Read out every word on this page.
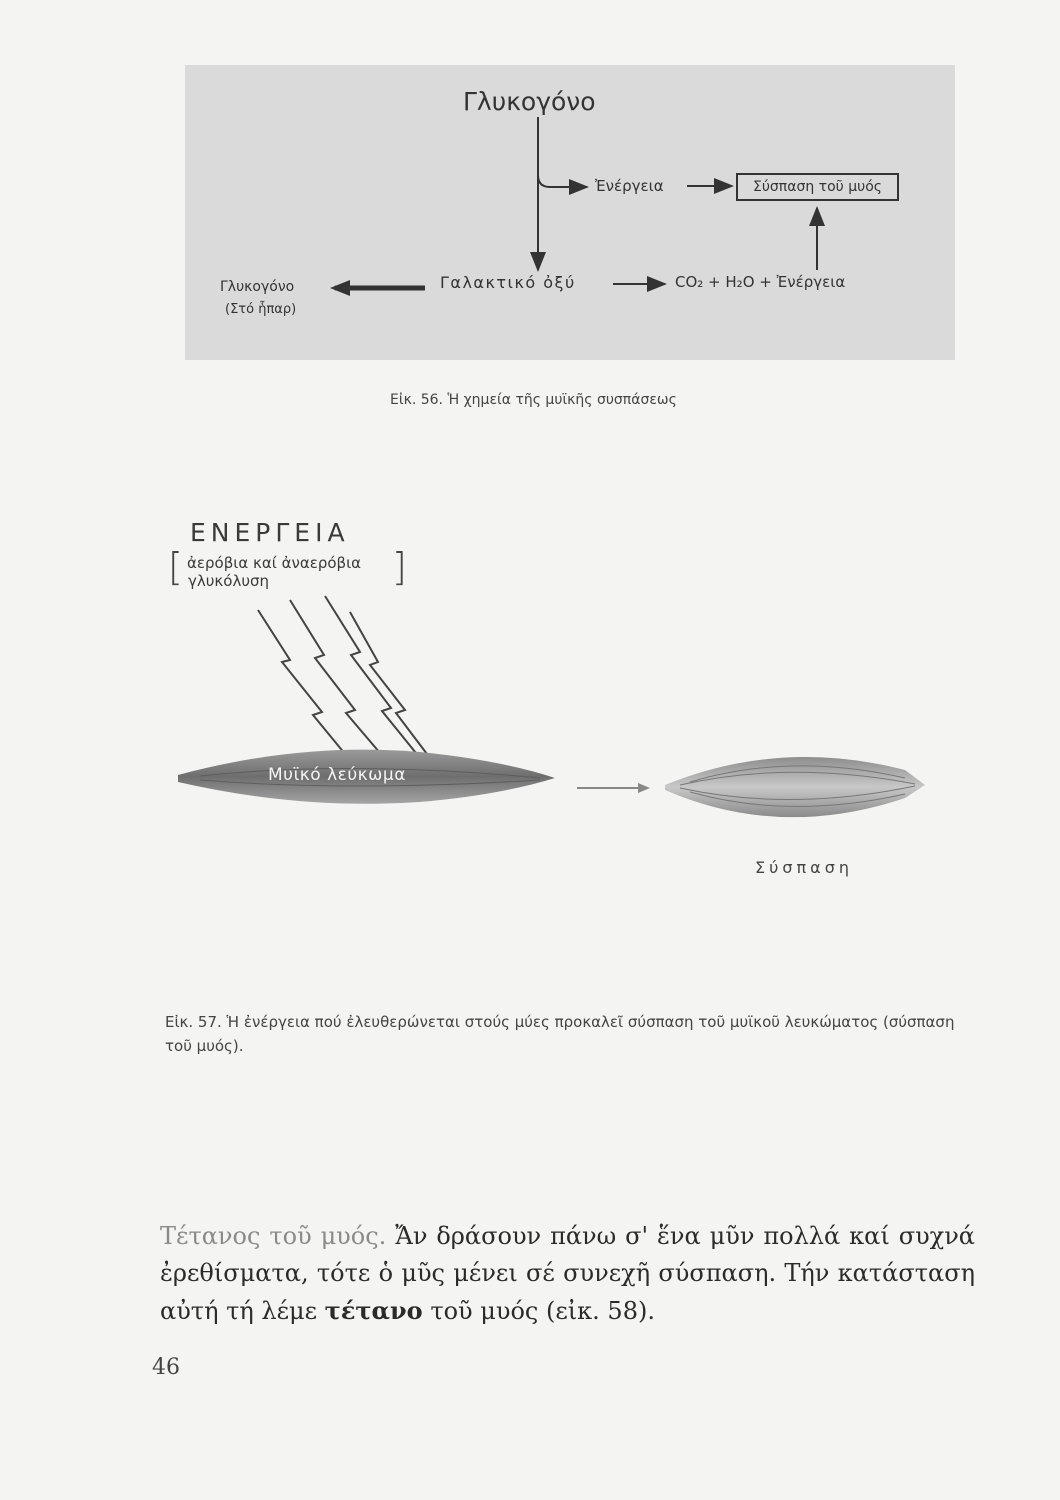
Γλυκογόνο
Ἐνέργεια	Σύσπαση τοῦ μυός
Γαλακτικό ὀξύ	CO₂ + H₂O + Ἐνέργεια
Γλυκογόνο
(Στό ἧπαρ)
Εἰκ. 56. Ἡ χημεία τῆς μυϊκῆς συσπάσεως
ΕΝΕΡΓΕΙΑ
[	]
ἀερόβια καί ἀναερόβια
γλυκόλυση
Μυϊκό λεύκωμα
Σύσπαση
Εἰκ. 57. Ἡ ἐνέργεια πού ἐλευθερώνεται στούς μύες προκαλεῖ σύσπαση τοῦ μυϊκοῦ λευκώματος (σύσπαση τοῦ μυός).
Τέτανος τοῦ μυός. Ἄν δράσουν πάνω σ' ἕνα μῦν πολλά καί συχνά ἐρεθίσματα, τότε ὁ μῦς μένει σέ συνεχῆ σύσπαση. Τήν κατάσταση αὐτή τή λέμε τέτανο τοῦ μυός (εἰκ. 58).
46
